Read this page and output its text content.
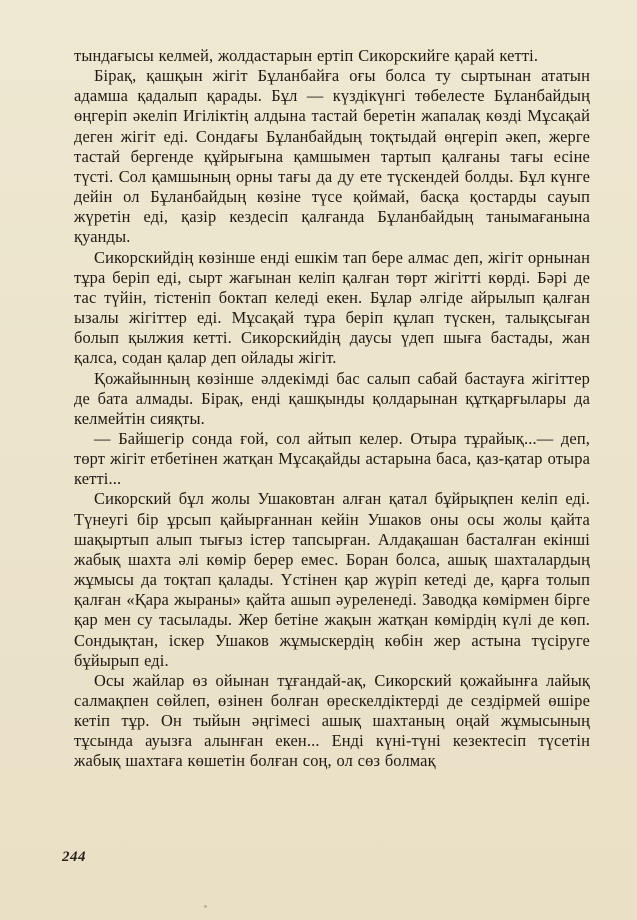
тындағысы келмей, жолдастарын ертіп Сикорскийге қарай кетті.

Бірақ, қашқын жігіт Бұланбайға оғы болса ту сыртынан ататын адамша қадалып қарады. Бұл — күздікүнгі төбелесте Бұланбайдың өңгеріп әкеліп Игіліктің алдына тастай беретін жапалақ көзді Мұсақай деген жігіт еді. Сондағы Бұланбайдың тоқтыдай өңгеріп әкеп, жерге тастай бергенде құйрығына қамшымен тартып қалғаны тағы есіне түсті. Сол қамшының орны тағы да ду ете түскендей болды. Бұл күнге дейін ол Бұланбайдың көзіне түсе қоймай, басқа қостарды сауып жүретін еді, қазір кездесіп қалғанда Бұланбайдың танымағанына қуанды.

Сикорскийдің көзінше енді ешкім тап бере алмас деп, жігіт орнынан тұра беріп еді, сырт жағынан келіп қалған төрт жігітті көрді. Бәрі де тас түйін, тістеніп боктап келеді екен. Бұлар әлгіде айрылып қалған ызалы жігіттер еді. Мұсақай тұра беріп құлап түскен, талықсыған болып қылжия кетті. Сикорскийдің даусы үдеп шыға бастады, жан қалса, содан қалар деп ойлады жігіт.

Қожайынның көзінше әлдекімді бас салып сабай бастауға жігіттер де бата алмады. Бірақ, енді қашқынды қолдарынан құтқарғылары да келмейтін сияқты.

— Байшегір сонда ғой, сол айтып келер. Отыра тұрайық...— деп, төрт жігіт етбетінен жатқан Мұсақайды астарына баса, қаз-қатар отыра кетті...

Сикорский бұл жолы Ушаковтан алған қатал бұйрықпен келіп еді. Түнеугі бір ұрсып қайырғаннан кейін Ушаков оны осы жолы қайта шақыртып алып тығыз істер тапсырған. Алдақашан басталған екінші жабық шахта әлі көмір берер емес. Боран болса, ашық шахталардың жұмысы да тоқтап қалады. Үстінен қар жүріп кетеді де, қарға толып қалған «Қара жыраны» қайта ашып әуреленеді. Заводқа көмірмен бірге қар мен су тасылады. Жер бетіне жақын жатқан көмірдің күлі де көп. Сондықтан, іскер Ушаков жұмыскердің көбін жер астына түсіруге бұйырып еді.

Осы жайлар өз ойынан тұғандай-ақ, Сикорский қожайынға лайық салмақпен сөйлеп, өзінен болған өрескелдіктерді де сездірмей өшіре кетіп тұр. Он тыйын әңгімесі ашық шахтаның оңай жұмысының тұсында ауызға алынған екен... Енді күні-түні кезектесіп түсетін жабық шахтаға көшетін болған соң, ол сөз болмақ

244
